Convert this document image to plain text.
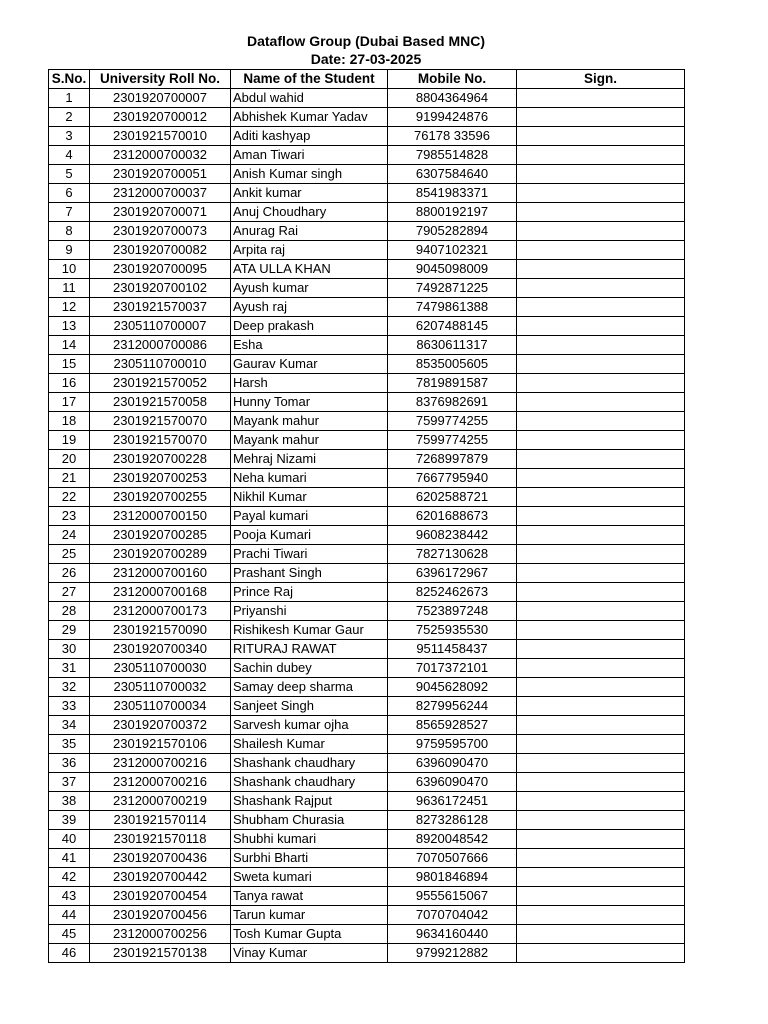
Dataflow Group (Dubai Based MNC)
Date: 27-03-2025
S.No.	University Roll No.	Name of the Student	Mobile No.	Sign.
1	2301920700007	Abdul wahid	8804364964	
2	2301920700012	Abhishek Kumar Yadav	9199424876	
3	2301921570010	Aditi kashyap	76178 33596	
4	2312000700032	Aman Tiwari	7985514828	
5	2301920700051	Anish Kumar singh	6307584640	
6	2312000700037	Ankit kumar	8541983371	
7	2301920700071	Anuj Choudhary	8800192197	
8	2301920700073	Anurag Rai	7905282894	
9	2301920700082	Arpita raj	9407102321	
10	2301920700095	ATA ULLA KHAN	9045098009	
11	2301920700102	Ayush kumar	7492871225	
12	2301921570037	Ayush raj	7479861388	
13	2305110700007	Deep prakash	6207488145	
14	2312000700086	Esha	8630611317	
15	2305110700010	Gaurav Kumar	8535005605	
16	2301921570052	Harsh	7819891587	
17	2301921570058	Hunny Tomar	8376982691	
18	2301921570070	Mayank mahur	7599774255	
19	2301921570070	Mayank mahur	7599774255	
20	2301920700228	Mehraj Nizami	7268997879	
21	2301920700253	Neha kumari	7667795940	
22	2301920700255	Nikhil Kumar	6202588721	
23	2312000700150	Payal kumari	6201688673	
24	2301920700285	Pooja Kumari	9608238442	
25	2301920700289	Prachi Tiwari	7827130628	
26	2312000700160	Prashant Singh	6396172967	
27	2312000700168	Prince Raj	8252462673	
28	2312000700173	Priyanshi	7523897248	
29	2301921570090	Rishikesh Kumar Gaur	7525935530	
30	2301920700340	RITURAJ RAWAT	9511458437	
31	2305110700030	Sachin dubey	7017372101	
32	2305110700032	Samay deep sharma	9045628092	
33	2305110700034	Sanjeet Singh	8279956244	
34	2301920700372	Sarvesh kumar ojha	8565928527	
35	2301921570106	Shailesh Kumar	9759595700	
36	2312000700216	Shashank chaudhary	6396090470	
37	2312000700216	Shashank chaudhary	6396090470	
38	2312000700219	Shashank Rajput	9636172451	
39	2301921570114	Shubham Churasia	8273286128	
40	2301921570118	Shubhi kumari	8920048542	
41	2301920700436	Surbhi Bharti	7070507666	
42	2301920700442	Sweta kumari	9801846894	
43	2301920700454	Tanya rawat	9555615067	
44	2301920700456	Tarun kumar	7070704042	
45	2312000700256	Tosh Kumar Gupta	9634160440	
46	2301921570138	Vinay Kumar	9799212882	
